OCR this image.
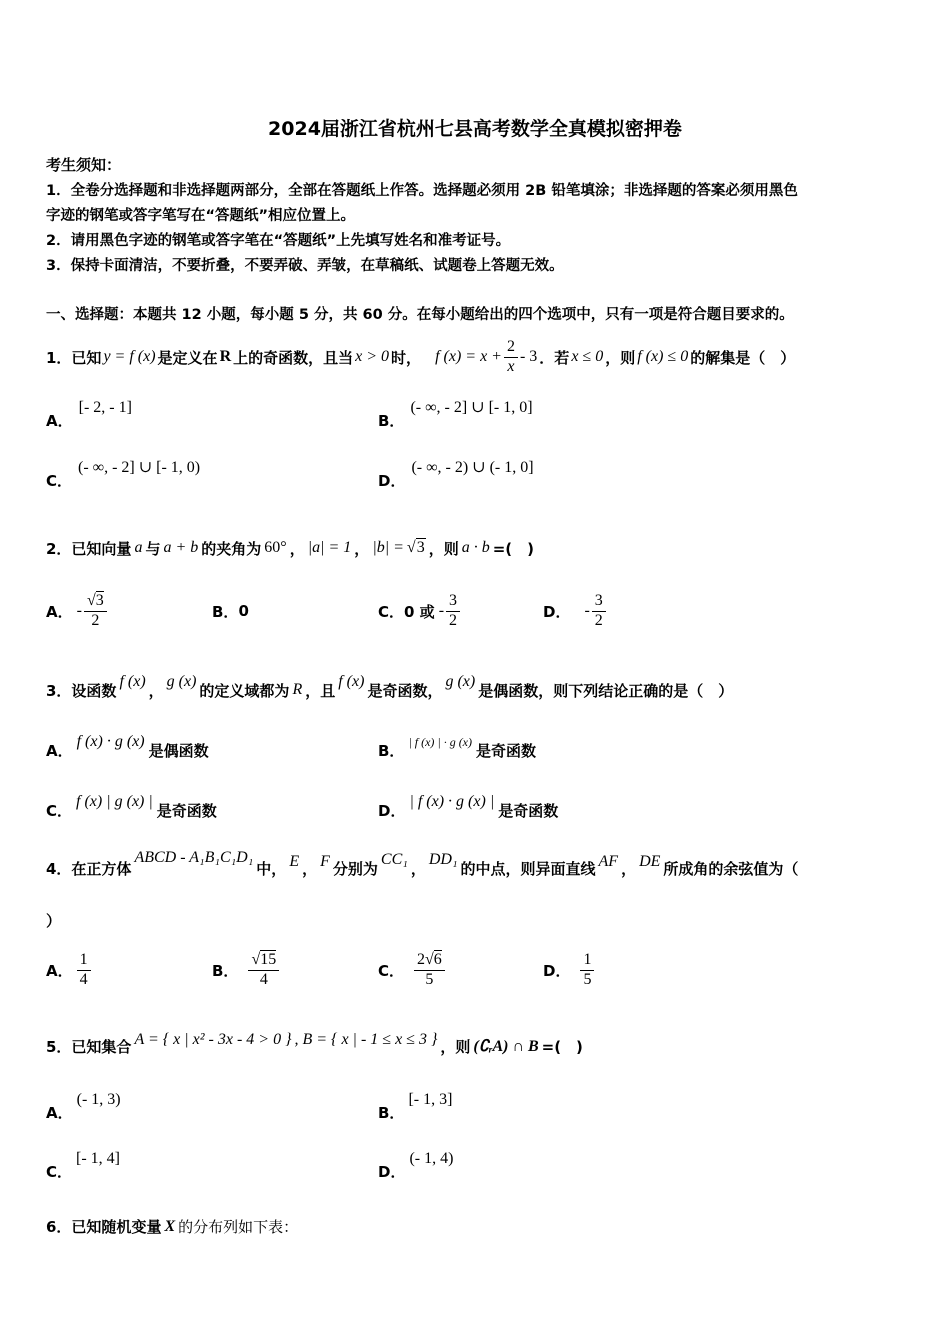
2024届浙江省杭州七县高考数学全真模拟密押卷
考生须知：
1．全卷分选择题和非选择题两部分，全部在答题纸上作答。选择题必须用 2B 铅笔填涂；非选择题的答案必须用黑色
字迹的钢笔或答字笔写在“答题纸”相应位置上。
2．请用黑色字迹的钢笔或答字笔在“答题纸”上先填写姓名和准考证号。
3．保持卡面清洁，不要折叠，不要弄破、弄皱，在草稿纸、试题卷上答题无效。
一、选择题：本题共 12 小题，每小题 5 分，共 60 分。在每小题给出的四个选项中，只有一项是符合题目要求的。
1．已知 y = f (x) 是定义在 R 上的奇函数，且当 x > 0 时， f $(x) = x + \frac{2}{x} - 3$ ．若 x ≤ 0 ，则 f (x) ≤ 0 的解集是（　）
A．[- 2, - 1]
B．(- ∞, - 2] ∪ [- 1, 0]
C．(- ∞, - 2] ∪ [- 1, 0)
D．(- ∞, - 2) ∪ (- 1, 0]
2．已知向量 a 与 a + b 的夹角为 60° ， |a| = 1 ， |b| = √3 ，则 a · b =(　)
A． - $\frac{√3}{2}$	B． 0	C． 0 或 - $\frac{3}{2}$	D． - $\frac{3}{2}$
3．设函数 f (x) ， g (x) 的定义域都为 R ，且 f (x) 是奇函数， g (x) 是偶函数，则下列结论正确的是（　）
A． f (x) · g (x) 是偶函数	B． | f (x) | · g (x) 是奇函数
C． f (x) | g (x) | 是奇函数	D． | f (x) · g (x) | 是奇函数
4．在正方体
ABCD - A₁B₁C₁D₁
中， E ， F 分别为 CC₁ ， DD₁ 的中点，则异面直线 AF ， DE 所成角的余弦值为（
）
A． $\frac{1}{4}$	B． $\frac{√15}{4}$	C． $\frac{2√6}{5}$	D． $\frac{1}{5}$
5．已知集合 A = { x | x² - 3x - 4 > 0 } , B = { x | - 1 ≤ x ≤ 3 } ，则 (∁ᵣA) ∩ B =(　)
A．
(- 1, 3)
B．
[- 1, 3]
C．
[- 1, 4]
D．
(- 1, 4)
6．已知随机变量 X 的分布列如下表：
